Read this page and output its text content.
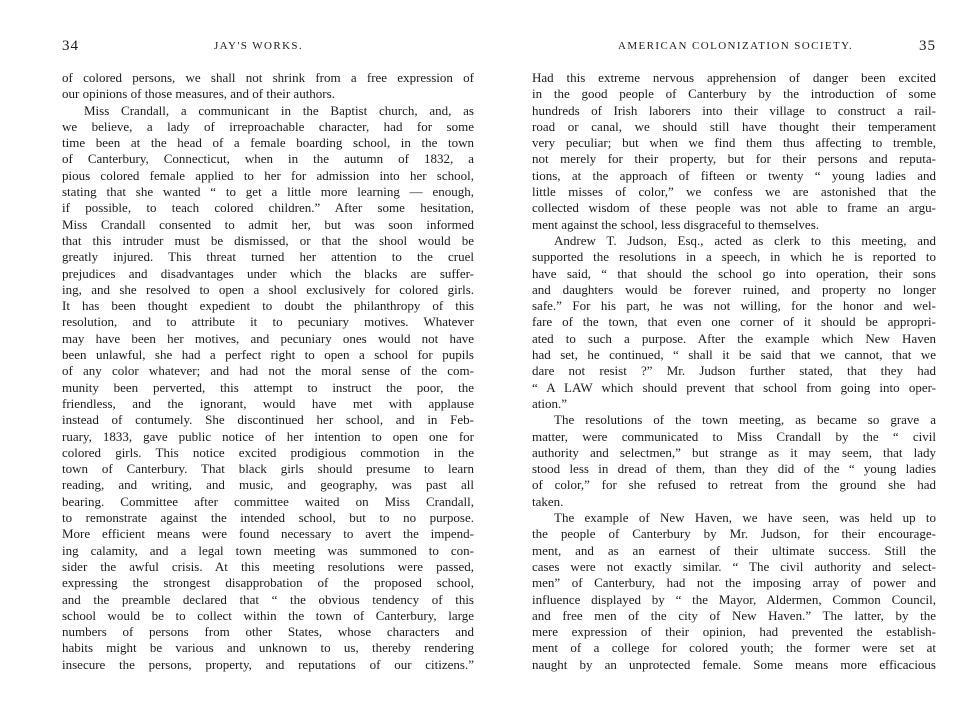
34	JAY'S WORKS.
of colored persons, we shall not shrink from a free expression of
our opinions of those measures, and of their authors.
Miss Crandall, a communicant in the Baptist church, and, as
we believe, a lady of irreproachable character, had for some
time been at the head of a female boarding school, in the town
of Canterbury, Connecticut, when in the autumn of 1832, a
pious colored female applied to her for admission into her school,
stating that she wanted “ to get a little more learning — enough,
if possible, to teach colored children.” After some hesitation,
Miss Crandall consented to admit her, but was soon informed
that this intruder must be dismissed, or that the shool would be
greatly injured. This threat turned her attention to the cruel
prejudices and disadvantages under which the blacks are suffer-
ing, and she resolved to open a shool exclusively for colored girls.
It has been thought expedient to doubt the philanthropy of this
resolution, and to attribute it to pecuniary motives. Whatever
may have been her motives, and pecuniary ones would not have
been unlawful, she had a perfect right to open a school for pupils
of any color whatever; and had not the moral sense of the com-
munity been perverted, this attempt to instruct the poor, the
friendless, and the ignorant, would have met with applause
instead of contumely. She discontinued her school, and in Feb-
ruary, 1833, gave public notice of her intention to open one for
colored girls. This notice excited prodigious commotion in the
town of Canterbury. That black girls should presume to learn
reading, and writing, and music, and geography, was past all
bearing. Committee after committee waited on Miss Crandall,
to remonstrate against the intended school, but to no purpose.
More efficient means were found necessary to avert the impend-
ing calamity, and a legal town meeting was summoned to con-
sider the awful crisis. At this meeting resolutions were passed,
expressing the strongest disapprobation of the proposed school,
and the preamble declared that “ the obvious tendency of this
school would be to collect within the town of Canterbury, large
numbers of persons from other States, whose characters and
habits might be various and unknown to us, thereby rendering
insecure the persons, property, and reputations of our citizens.”
AMERICAN COLONIZATION SOCIETY.	35
Had this extreme nervous apprehension of danger been excited
in the good people of Canterbury by the introduction of some
hundreds of Irish laborers into their village to construct a rail-
road or canal, we should still have thought their temperament
very peculiar; but when we find them thus affecting to tremble,
not merely for their property, but for their persons and reputa-
tions, at the approach of fifteen or twenty “ young ladies and
little misses of color,” we confess we are astonished that the
collected wisdom of these people was not able to frame an argu-
ment against the school, less disgraceful to themselves.
Andrew T. Judson, Esq., acted as clerk to this meeting, and
supported the resolutions in a speech, in which he is reported to
have said, “ that should the school go into operation, their sons
and daughters would be forever ruined, and property no longer
safe.” For his part, he was not willing, for the honor and wel-
fare of the town, that even one corner of it should be appropri-
ated to such a purpose. After the example which New Haven
had set, he continued, “ shall it be said that we cannot, that we
dare not resist ?” Mr. Judson further stated, that they had
“ A LAW which should prevent that school from going into oper-
ation.”
The resolutions of the town meeting, as became so grave a
matter, were communicated to Miss Crandall by the “ civil
authority and selectmen,” but strange as it may seem, that lady
stood less in dread of them, than they did of the “ young ladies
of color,” for she refused to retreat from the ground she had
taken.
The example of New Haven, we have seen, was held up to
the people of Canterbury by Mr. Judson, for their encourage-
ment, and as an earnest of their ultimate success. Still the
cases were not exactly similar. “ The civil authority and select-
men” of Canterbury, had not the imposing array of power and
influence displayed by “ the Mayor, Aldermen, Common Council,
and free men of the city of New Haven.” The latter, by the
mere expression of their opinion, had prevented the establish-
ment of a college for colored youth; the former were set at
naught by an unprotected female. Some means more efficacious
